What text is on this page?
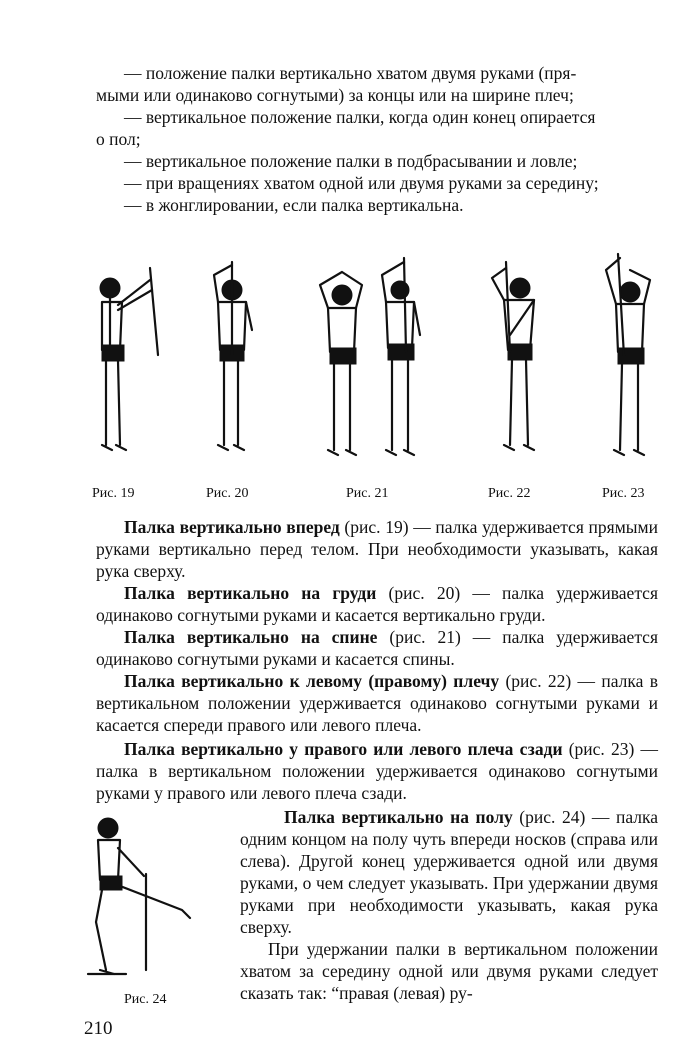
— положение палки вертикально хватом двумя руками (пря-
мыми или одинаково согнутыми) за концы или на ширине плеч;
— вертикальное положение палки, когда один конец опирается
о пол;
— вертикальное положение палки в подбрасывании и ловле;
— при вращениях хватом одной или двумя руками за середину;
— в жонглировании, если палка вертикальна.
Рис. 19	Рис. 20	Рис. 21	Рис. 22	Рис. 23
Палка вертикально вперед (рис. 19) — палка удерживается прямыми руками вертикально перед телом. При необходимости указывать, какая рука сверху.
Палка вертикально на груди (рис. 20) — палка удерживается одинаково согнутыми руками и касается вертикально груди.
Палка вертикально на спине (рис. 21) — палка удерживается одинаково согнутыми руками и касается спины.
Палка вертикально к левому (правому) плечу (рис. 22) — палка в вертикальном положении удерживается одинаково согнутыми руками и касается спереди правого или левого плеча.
Палка вертикально у правого или левого плеча сзади (рис. 23) — палка в вертикальном положении удерживается одинаково согнутыми руками у правого или левого плеча сзади.
Рис. 24
Палка вертикально на полу (рис. 24) — палка одним концом на полу чуть впереди носков (справа или слева). Другой конец удерживается одной или двумя руками, о чем следует указывать. При удержании двумя руками при необходимости указывать, какая рука сверху.
При удержании палки в вертикальном положении хватом за середину одной или двумя руками следует сказать так: “правая (левая) ру-
210
